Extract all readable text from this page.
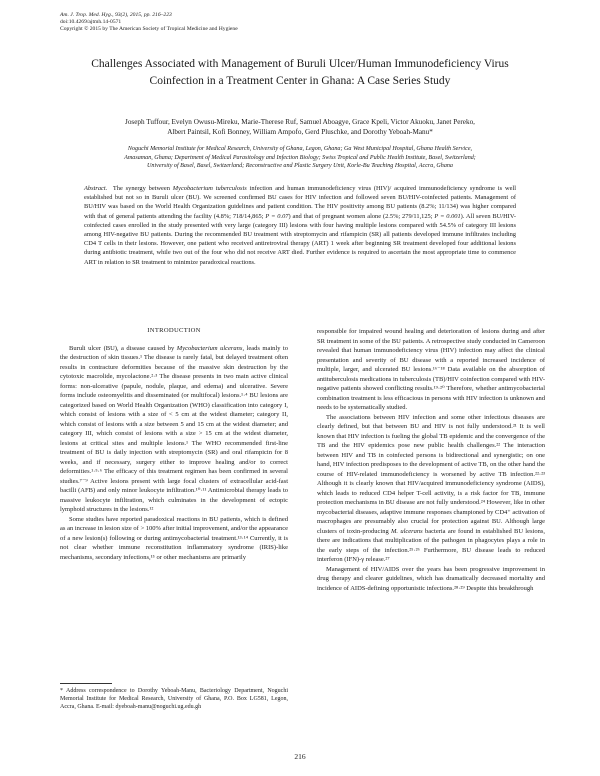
Am. J. Trop. Med. Hyg., 93(2), 2015, pp. 216–223
doi:10.4269/ajtmh.14-0571
Copyright © 2015 by The American Society of Tropical Medicine and Hygiene
Challenges Associated with Management of Buruli Ulcer/Human Immunodeficiency Virus
Coinfection in a Treatment Center in Ghana: A Case Series Study
Joseph Tuffour, Evelyn Owusu-Mireku, Marie-Therese Ruf, Samuel Aboagye, Grace Kpeli, Victor Akuoku, Janet Pereko,
Albert Paintsil, Kofi Bonney, William Ampofo, Gerd Pluschke, and Dorothy Yeboah-Manu*
Noguchi Memorial Institute for Medical Research, University of Ghana, Legon, Ghana; Ga West Municipal Hospital, Ghana Health Service,
Amasaman, Ghana; Department of Medical Parasitology and Infection Biology; Swiss Tropical and Public Health Institute, Basel, Switzerland;
University of Basel, Basel, Switzerland; Reconstructive and Plastic Surgery Unit, Korle-Bu Teaching Hospital, Accra, Ghana
Abstract. The synergy between Mycobacterium tuberculosis infection and human immunodeficiency virus (HIV)/ acquired immunodeficiency syndrome is well established but not so in Buruli ulcer (BU). We screened confirmed BU cases for HIV infection and followed seven BU/HIV-coinfected patients. Management of BU/HIV was based on the World Health Organization guidelines and patient condition. The HIV positivity among BU patients (8.2%; 11/134) was higher compared with that of general patients attending the facility (4.8%; 718/14,865; P = 0.07) and that of pregnant women alone (2.5%; 279/11,125; P = 0.001). All seven BU/HIV-coinfected cases enrolled in the study presented with very large (category III) lesions with four having multiple lesions compared with 54.5% of category III lesions among HIV-negative BU patients. During the recommended BU treatment with streptomycin and rifampicin (SR) all patients developed immune infiltrates including CD4 T cells in their lesions. However, one patient who received antiretroviral therapy (ART) 1 week after beginning SR treatment developed four additional lesions during antibiotic treatment, while two out of the four who did not receive ART died. Further evidence is required to ascertain the most appropriate time to commence ART in relation to SR treatment to minimize paradoxical reactions.
INTRODUCTION

Buruli ulcer (BU), a disease caused by Mycobacterium ulcerans, leads mainly to the destruction of skin tissues.¹ The disease is rarely fatal, but delayed treatment often results in contracture deformities because of the massive skin destruction by the cytotoxic macrolide, mycolactone.²·³ The disease presents in two main active clinical forms: non-ulcerative (papule, nodule, plaque, and edema) and ulcerative. Severe forms include osteomyelitis and disseminated (or multifocal) lesions.¹·⁴ BU lesions are categorized based on World Health Organization (WHO) classification into category I, which consist of lesions with a size of < 5 cm at the widest diameter; category II, which consist of lesions with a size between 5 and 15 cm at the widest diameter; and category III, which consist of lesions with a size > 15 cm at the widest diameter, lesions at critical sites and multiple lesions.¹ The WHO recommended first-line treatment of BU is daily injection with streptomycin (SR) and oral rifampicin for 8 weeks, and if necessary, surgery either to improve healing and/or to correct deformities.¹·⁵·⁶ The efficacy of this treatment regimen has been confirmed in several studies.⁷⁻⁹ Active lesions present with large focal clusters of extracellular acid-fast bacilli (AFB) and only minor leukocyte infiltration.¹⁰·¹¹ Antimicrobial therapy leads to massive leukocyte infiltration, which culminates in the development of ectopic lymphoid structures in the lesions.¹²

Some studies have reported paradoxical reactions in BU patients, which is defined as an increase in lesion size of > 100% after initial improvement, and/or the appearance of a new lesion(s) following or during antimycobacterial treatment.¹³·¹⁴ Currently, it is not clear whether immune reconstitution inflammatory syndrome (IRIS)-like mechanisms, secondary infections,¹⁵ or other mechanisms are primarily

responsible for impaired wound healing and deterioration of lesions during and after SR treatment in some of the BU patients. A retrospective study conducted in Cameroon revealed that human immunodeficiency virus (HIV) infection may affect the clinical presentation and severity of BU disease with a reported increased incidence of multiple, larger, and ulcerated BU lesions.¹⁶⁻¹⁸ Data available on the absorption of antituberculosis medications in tuberculosis (TB)/HIV coinfection compared with HIV-negative patients showed conflicting results.¹⁹·²⁰ Therefore, whether antimycobacterial combination treatment is less efficacious in persons with HIV infection is unknown and needs to be systematically studied.

The associations between HIV infection and some other infectious diseases are clearly defined, but that between BU and HIV is not fully understood.²¹ It is well known that HIV infection is fueling the global TB epidemic and the convergence of the TB and the HIV epidemics pose new public health challenges.²² The interaction between HIV and TB in coinfected persons is bidirectional and synergistic; on one hand, HIV infection predisposes to the development of active TB, on the other hand the course of HIV-related immunodeficiency is worsened by active TB infection.²²·²³ Although it is clearly known that HIV/acquired immunodeficiency syndrome (AIDS), which leads to reduced CD4 helper T-cell activity, is a risk factor for TB, immune protection mechanisms in BU disease are not fully understood.²⁴ However, like in other mycobacterial diseases, adaptive immune responses championed by CD4⁺ activation of macrophages are presumably also crucial for protection against BU. Although large clusters of toxin-producing M. ulcerans bacteria are found in established BU lesions, there are indications that multiplication of the pathogen in phagocytes plays a role in the early steps of the infection.²⁵·²⁶ Furthermore, BU disease leads to reduced interferon (IFN)-γ release.²⁷

Management of HIV/AIDS over the years has been progressive improvement in drug therapy and clearer guidelines, which has dramatically decreased mortality and incidence of AIDS-defining opportunistic infections.²⁸·²⁹ Despite this breakthrough

* Address correspondence to Dorothy Yeboah-Manu, Bacteriology Department, Noguchi Memorial Institute for Medical Research, University of Ghana, P.O. Box LG581, Legon, Accra, Ghana. E-mail: dyeboah-manu@noguchi.ug.edu.gh
216
